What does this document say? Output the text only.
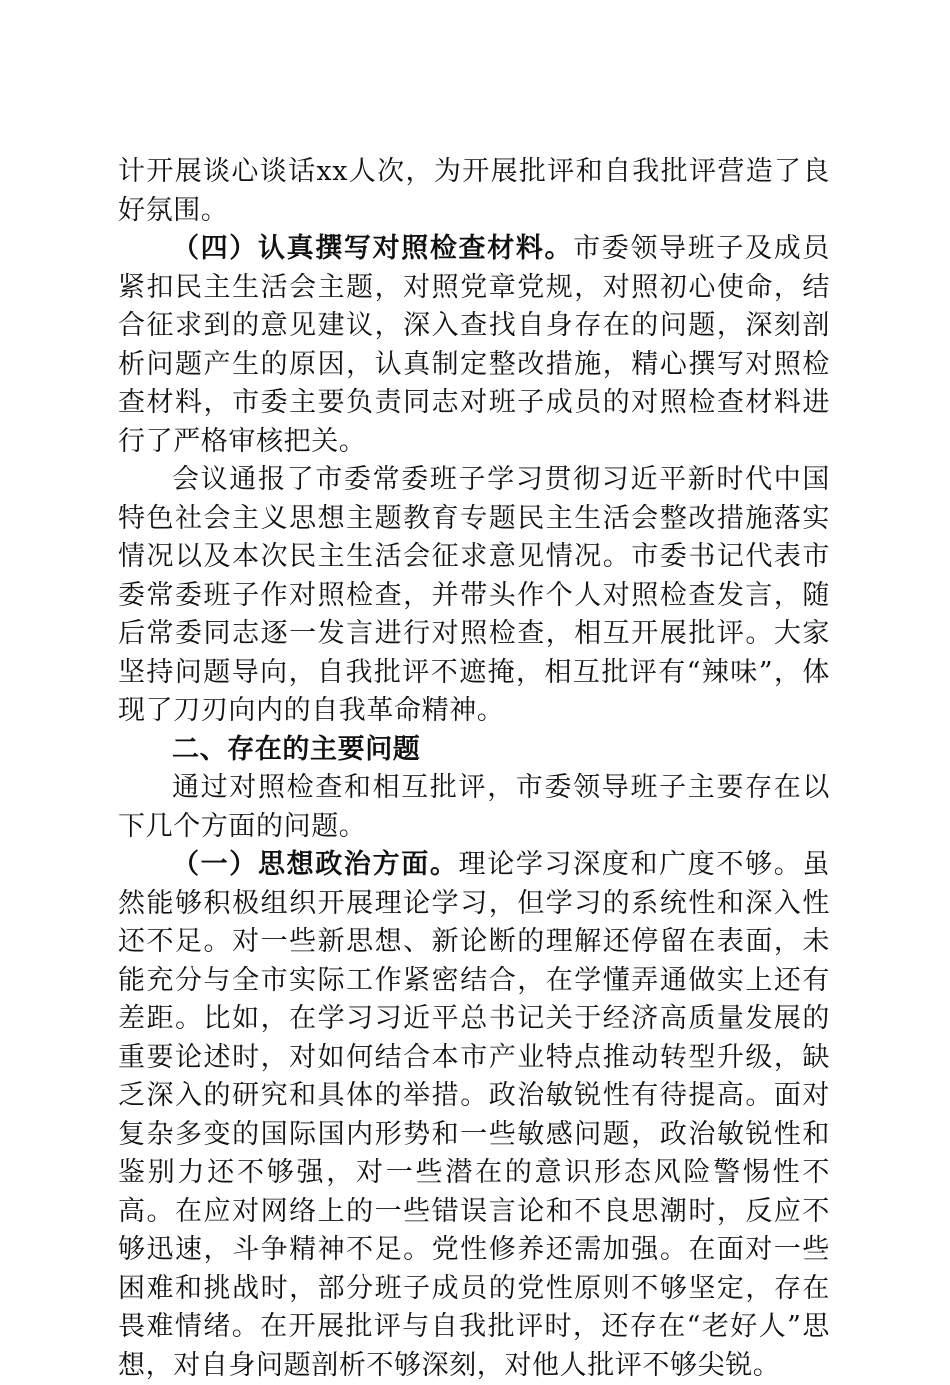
计开展谈心谈话xx人次，为开展批评和自我批评营造了良好氛围。

（四）认真撰写对照检查材料。市委领导班子及成员紧扣民主生活会主题，对照党章党规，对照初心使命，结合征求到的意见建议，深入查找自身存在的问题，深刻剖析问题产生的原因，认真制定整改措施，精心撰写对照检查材料，市委主要负责同志对班子成员的对照检查材料进行了严格审核把关。

会议通报了市委常委班子学习贯彻习近平新时代中国特色社会主义思想主题教育专题民主生活会整改措施落实情况以及本次民主生活会征求意见情况。市委书记代表市委常委班子作对照检查，并带头作个人对照检查发言，随后常委同志逐一发言进行对照检查，相互开展批评。大家坚持问题导向，自我批评不遮掩，相互批评有“辣味”，体现了刀刃向内的自我革命精神。

二、存在的主要问题

通过对照检查和相互批评，市委领导班子主要存在以下几个方面的问题。

（一）思想政治方面。理论学习深度和广度不够。虽然能够积极组织开展理论学习，但学习的系统性和深入性还不足。对一些新思想、新论断的理解还停留在表面，未能充分与全市实际工作紧密结合，在学懂弄通做实上还有差距。比如，在学习习近平总书记关于经济高质量发展的重要论述时，对如何结合本市产业特点推动转型升级，缺乏深入的研究和具体的举措。政治敏锐性有待提高。面对复杂多变的国际国内形势和一些敏感问题，政治敏锐性和鉴别力还不够强，对一些潜在的意识形态风险警惕性不高。在应对网络上的一些错误言论和不良思潮时，反应不够迅速，斗争精神不足。党性修养还需加强。在面对一些困难和挑战时，部分班子成员的党性原则不够坚定，存在畏难情绪。在开展批评与自我批评时，还存在“老好人”思想，对自身问题剖析不够深刻，对他人批评不够尖锐。
